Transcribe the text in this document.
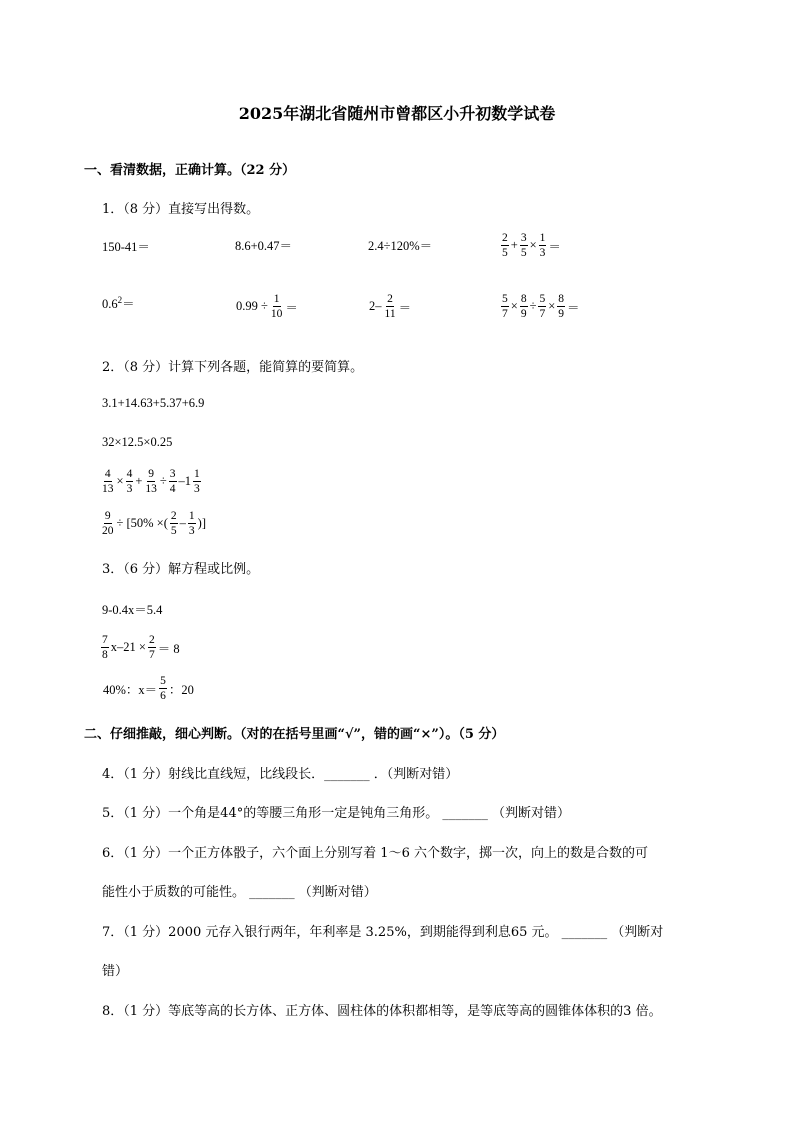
2025年湖北省随州市曾都区小升初数学试卷
一、看清数据，正确计算。（22 分）
1．（8 分）直接写出得数。
150-41＝	8.6+0.47＝	2.4÷120%＝	$\frac{2}{5} + \frac{3}{5} \times \frac{1}{3}$ ＝
$0.6^2=$	$0.99 \div \frac{1}{10}$ ＝	$2- \frac{2}{11}$ ＝	$\frac{5}{7} \times \frac{8}{9} \div \frac{5}{7} \times \frac{8}{9}$ ＝
2．（8 分）计算下列各题，能简算的要简算。
3.1+14.63+5.37+6.9
32×12.5×0.25
$\frac{4}{13} \times \frac{4}{3} + \frac{9}{13} \div \frac{3}{4} -1 \frac{1}{3}$
$\frac{9}{20} \div [50\%$ ×( $\frac{2}{5} - \frac{1}{3}$ )]
3．（6 分）解方程或比例。
9-0.4x＝5.4
$\frac{7}{8} x-21 \times \frac{2}{7} = 8$
40%：$x= \frac{5}{6}$ ：20
二、仔细推敲，细心判断。（对的在括号里画“√”，错的画“×”）。（5 分）
4．（1 分）射线比直线短，比线段长．_______ ．（判断对错）
5．（1 分）一个角是44°的等腰三角形一定是钝角三角形。 _______ （判断对错）
6．（1 分）一个正方体骰子，六个面上分别写着 1～6 六个数字，掷一次，向上的数是合数的可
能性小于质数的可能性。 _______ （判断对错）
7．（1 分）2000 元存入银行两年，年利率是 3.25%，到期能得到利息65 元。 _______ （判断对
错）
8．（1 分）等底等高的长方体、正方体、圆柱体的体积都相等，是等底等高的圆锥体体积的3 倍。
